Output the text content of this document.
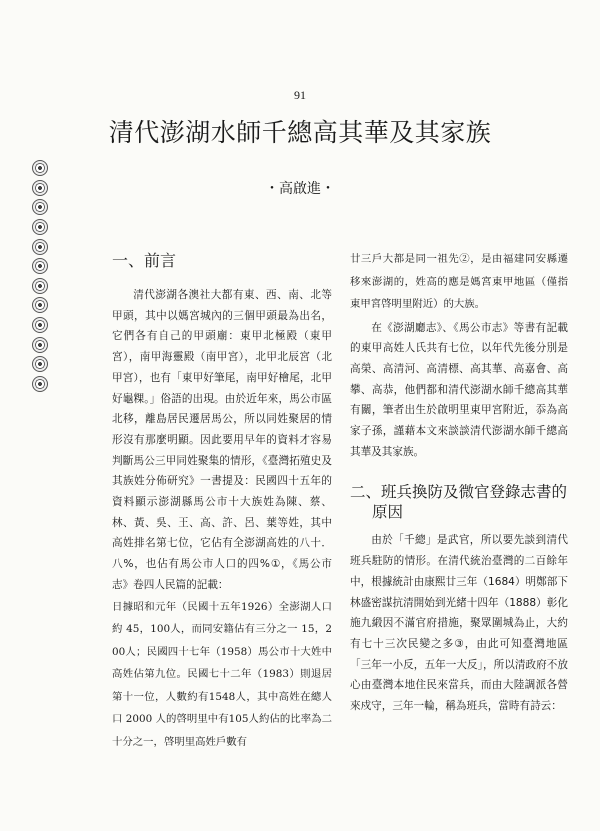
91
清代澎湖水師千總高其華及其家族
・高啟進・
一、前言

清代澎湖各澳社大都有東、西、南、北等甲頭，其中以媽宮城內的三個甲頭最為出名，它們各有自己的甲頭廟：東甲北極殿（東甲宮），南甲海靈殿（南甲宮），北甲北辰宮（北甲宮），也有「東甲好筆尾，南甲好檜尾，北甲好龜粿。」俗語的出現。由於近年來，馬公市區北移，離島居民遷居馬公，所以同姓聚居的情形沒有那麼明顯。因此要用早年的資料才容易判斷馬公三甲同姓聚集的情形，《臺灣拓殖史及其族姓分佈研究》一書提及：民國四十五年的資料顯示澎湖縣馬公市十大族姓為陳、蔡、林、黃、吳、王、高、許、呂、葉等姓，其中高姓排名第七位，它佔有全澎湖高姓的八十．八%，也佔有馬公市人口的四%①，《馬公市志》卷四人民篇的記載：

日據昭和元年（民國十五年1926）全澎湖人口約 45，100人，而同安籍佔有三分之一 15，200人；民國四十七年（1958）馬公市十大姓中高姓佔第九位。民國七十二年（1983）則退居第十一位，人數約有1548人，其中高姓在總人口 2000 人的啓明里中有105人約佔的比率為二十分之一，啓明里高姓戶數有

廿三戶大都是同一祖先②，是由福建同安縣遷移來澎湖的，姓高的應是媽宮東甲地區（僅指東甲宮啓明里附近）的大族。

在《澎湖廳志》、《馬公市志》等書有記載的東甲高姓人氏共有七位，以年代先後分別是高榮、高清河、高清標、高其華、高嘉會、高攀、高恭，他們都和清代澎湖水師千總高其華有關，筆者出生於啟明里東甲宮附近，忝為高家子孫，謹藉本文來談談清代澎湖水師千總高其華及其家族。

二、班兵換防及微官登錄志書的
原因

由於「千總」是武官，所以要先談到清代班兵駐防的情形。在清代統治臺灣的二百餘年中，根據統計由康熙廿三年（1684）明鄭部下林盛密謀抗清開始到光緒十四年（1888）彰化施九緞因不滿官府措施，聚眾圍城為止，大約有七十三次民變之多③，由此可知臺灣地區「三年一小反，五年一大反」，所以清政府不放心由臺灣本地住民來當兵，而由大陸調派各營來戍守，三年一輪，稱為班兵，當時有詩云：
